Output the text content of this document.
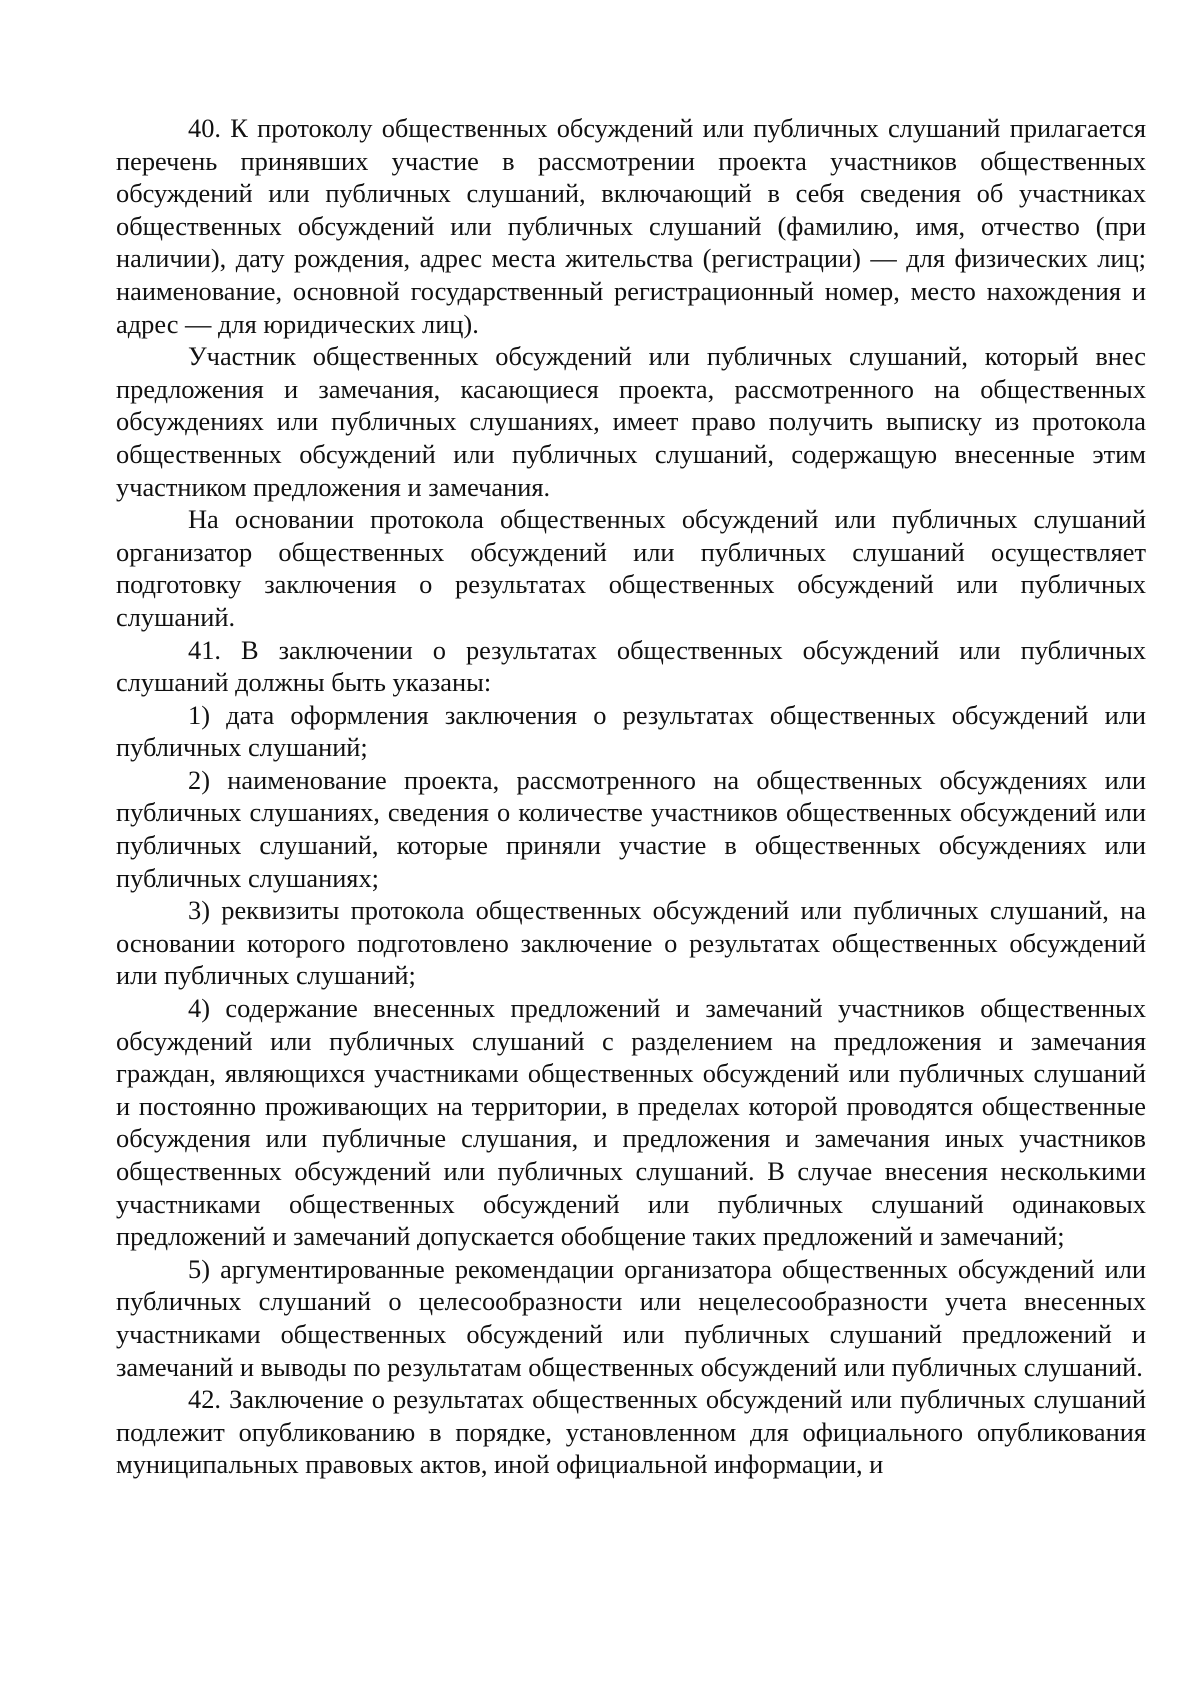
40. К протоколу общественных обсуждений или публичных слушаний прилагается перечень принявших участие в рассмотрении проекта участников общественных обсуждений или публичных слушаний, включающий в себя сведения об участниках общественных обсуждений или публичных слушаний (фамилию, имя, отчество (при наличии), дату рождения, адрес места жительства (регистрации) — для физических лиц; наименование, основной государственный регистрационный номер, место нахождения и адрес — для юридических лиц).

Участник общественных обсуждений или публичных слушаний, который внес предложения и замечания, касающиеся проекта, рассмотренного на общественных обсуждениях или публичных слушаниях, имеет право получить выписку из протокола общественных обсуждений или публичных слушаний, содержащую внесенные этим участником предложения и замечания.

На основании протокола общественных обсуждений или публичных слушаний организатор общественных обсуждений или публичных слушаний осуществляет подготовку заключения о результатах общественных обсуждений или публичных слушаний.

41. В заключении о результатах общественных обсуждений или публичных слушаний должны быть указаны:

1) дата оформления заключения о результатах общественных обсуждений или публичных слушаний;

2) наименование проекта, рассмотренного на общественных обсуждениях или публичных слушаниях, сведения о количестве участников общественных обсуждений или публичных слушаний, которые приняли участие в общественных обсуждениях или публичных слушаниях;

3) реквизиты протокола общественных обсуждений или публичных слушаний, на основании которого подготовлено заключение о результатах общественных обсуждений или публичных слушаний;

4) содержание внесенных предложений и замечаний участников общественных обсуждений или публичных слушаний с разделением на предложения и замечания граждан, являющихся участниками общественных обсуждений или публичных слушаний и постоянно проживающих на территории, в пределах которой проводятся общественные обсуждения или публичные слушания, и предложения и замечания иных участников общественных обсуждений или публичных слушаний. В случае внесения несколькими участниками общественных обсуждений или публичных слушаний одинаковых предложений и замечаний допускается обобщение таких предложений и замечаний;

5) аргументированные рекомендации организатора общественных обсуждений или публичных слушаний о целесообразности или нецелесообразности учета внесенных участниками общественных обсуждений или публичных слушаний предложений и замечаний и выводы по результатам общественных обсуждений или публичных слушаний.

42. Заключение о результатах общественных обсуждений или публичных слушаний подлежит опубликованию в порядке, установленном для официального опубликования муниципальных правовых актов, иной официальной информации, и
